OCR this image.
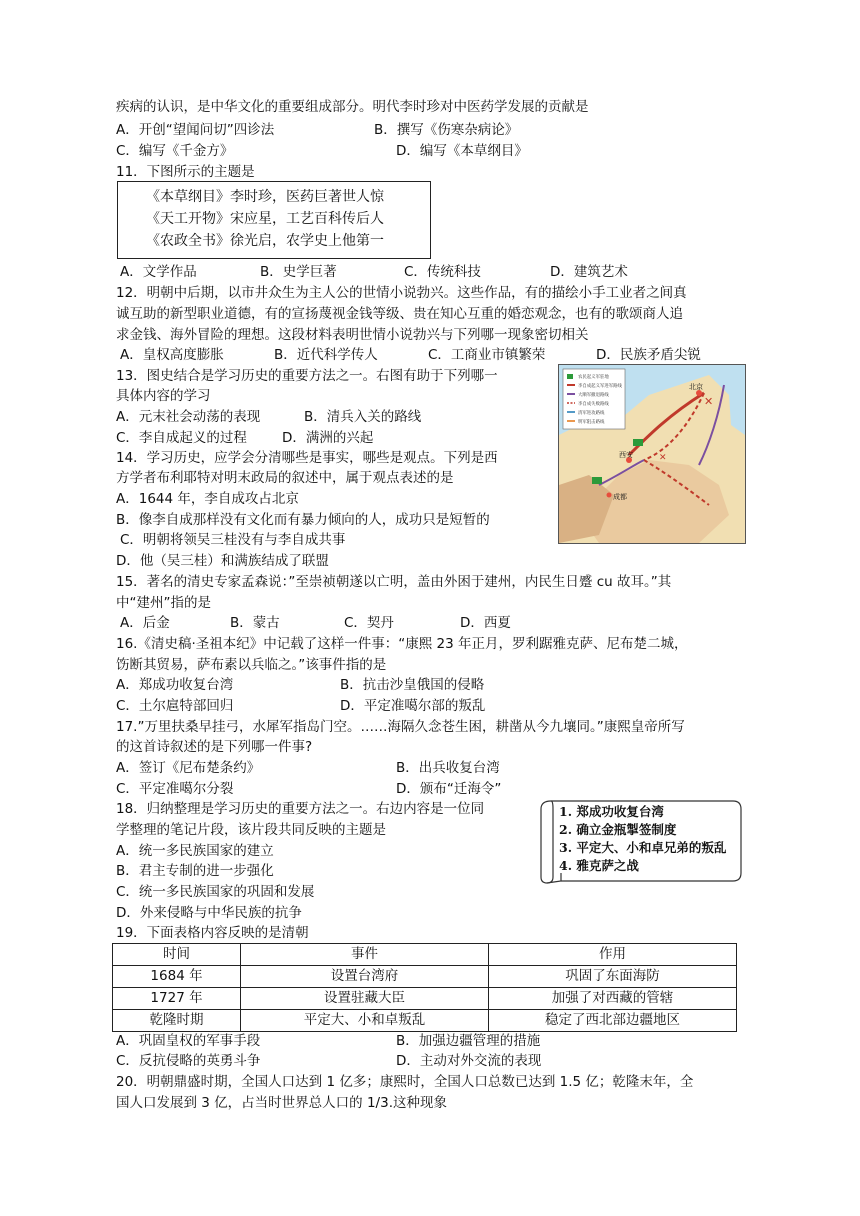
疾病的认识，是中华文化的重要组成部分。明代李时珍对中医药学发展的贡献是
A．开创“望闻问切”四诊法	B．撰写《伤寒杂病论》
C．编写《千金方》	D．编写《本草纲目》
11．下图所示的主题是
《本草纲目》李时珍，医药巨著世人惊
《天工开物》宋应星，工艺百科传后人
《农政全书》徐光启，农学史上他第一
A．文学作品	B．史学巨著	C．传统科技	D．建筑艺术
12．明朝中后期，以市井众生为主人公的世情小说勃兴。这些作品，有的描绘小手工业者之间真
诚互助的新型职业道德，有的宣扬蔑视金钱等级、贵在知心互重的婚恋观念，也有的歌颂商人追
求金钱、海外冒险的理想。这段材料表明世情小说勃兴与下列哪一现象密切相关
A．皇权高度膨胀	B．近代科学传人	C．工商业市镇繁荣	D．民族矛盾尖锐
13．图史结合是学习历史的重要方法之一。右图有助于下列哪一
具体内容的学习
A．元末社会动荡的表现	B．清兵入关的路线
C．李自成起义的过程	D．满洲的兴起
农民起义军驻地
李自成起义军进军路线
大顺军撤退路线
李自成失败路线
清军进攻路线
明军阻击路线
✕
✕
北京
西安
成都
14．学习历史，应学会分清哪些是事实，哪些是观点。下列是西
方学者布利耶特对明末政局的叙述中，属于观点表述的是
A．1644 年，李自成攻占北京
B．像李自成那样没有文化而有暴力倾向的人，成功只是短暂的
C．明朝将领吴三桂没有与李自成共事
D．他（吴三桂）和满族结成了联盟
15．著名的清史专家孟森说：”至崇祯朝遂以亡明，盖由外困于建州，内民生日蹙 cu 故耳。”其
中“建州”指的是
A．后金	B．蒙古	C．契丹	D．西夏
16.《清史稿·圣祖本纪》中记载了这样一件事：“康熙 23 年正月，罗利踞雅克萨、尼布楚二城，
饬断其贸易，萨布素以兵临之。”该事件指的是
A．郑成功收复台湾	B．抗击沙皇俄国的侵略
C．土尔扈特部回归	D．平定准噶尔部的叛乱
17.”万里扶桑早挂弓，水犀军指岛门空。……海隔久念苍生困，耕凿从今九壤同。”康熙皇帝所写
的这首诗叙述的是下列哪一件事?
A．签订《尼布楚条约》	B．出兵收复台湾
C．平定准噶尔分裂	D．颁布“迁海令”
18．归纳整理是学习历史的重要方法之一。右边内容是一位同
学整理的笔记片段，该片段共同反映的主题是
A．统一多民族国家的建立
B．君主专制的进一步强化
C．统一多民族国家的巩固和发展
D．外来侵略与中华民族的抗争
1. 郑成功收复台湾
2. 确立金瓶掣签制度
3. 平定大、小和卓兄弟的叛乱
4. 雅克萨之战
19．下面表格内容反映的是清朝
时间	事件	作用
1684 年	设置台湾府	巩固了东面海防
1727 年	设置驻藏大臣	加强了对西藏的管辖
乾隆时期	平定大、小和卓叛乱	稳定了西北部边疆地区
A．巩固皇权的军事手段	B．加强边疆管理的措施
C．反抗侵略的英勇斗争	D．主动对外交流的表现
20．明朝鼎盛时期，全国人口达到 1 亿多；康熙时，全国人口总数已达到 1.5 亿；乾隆末年，全
国人口发展到 3 亿，占当时世界总人口的 1/3.这种现象
